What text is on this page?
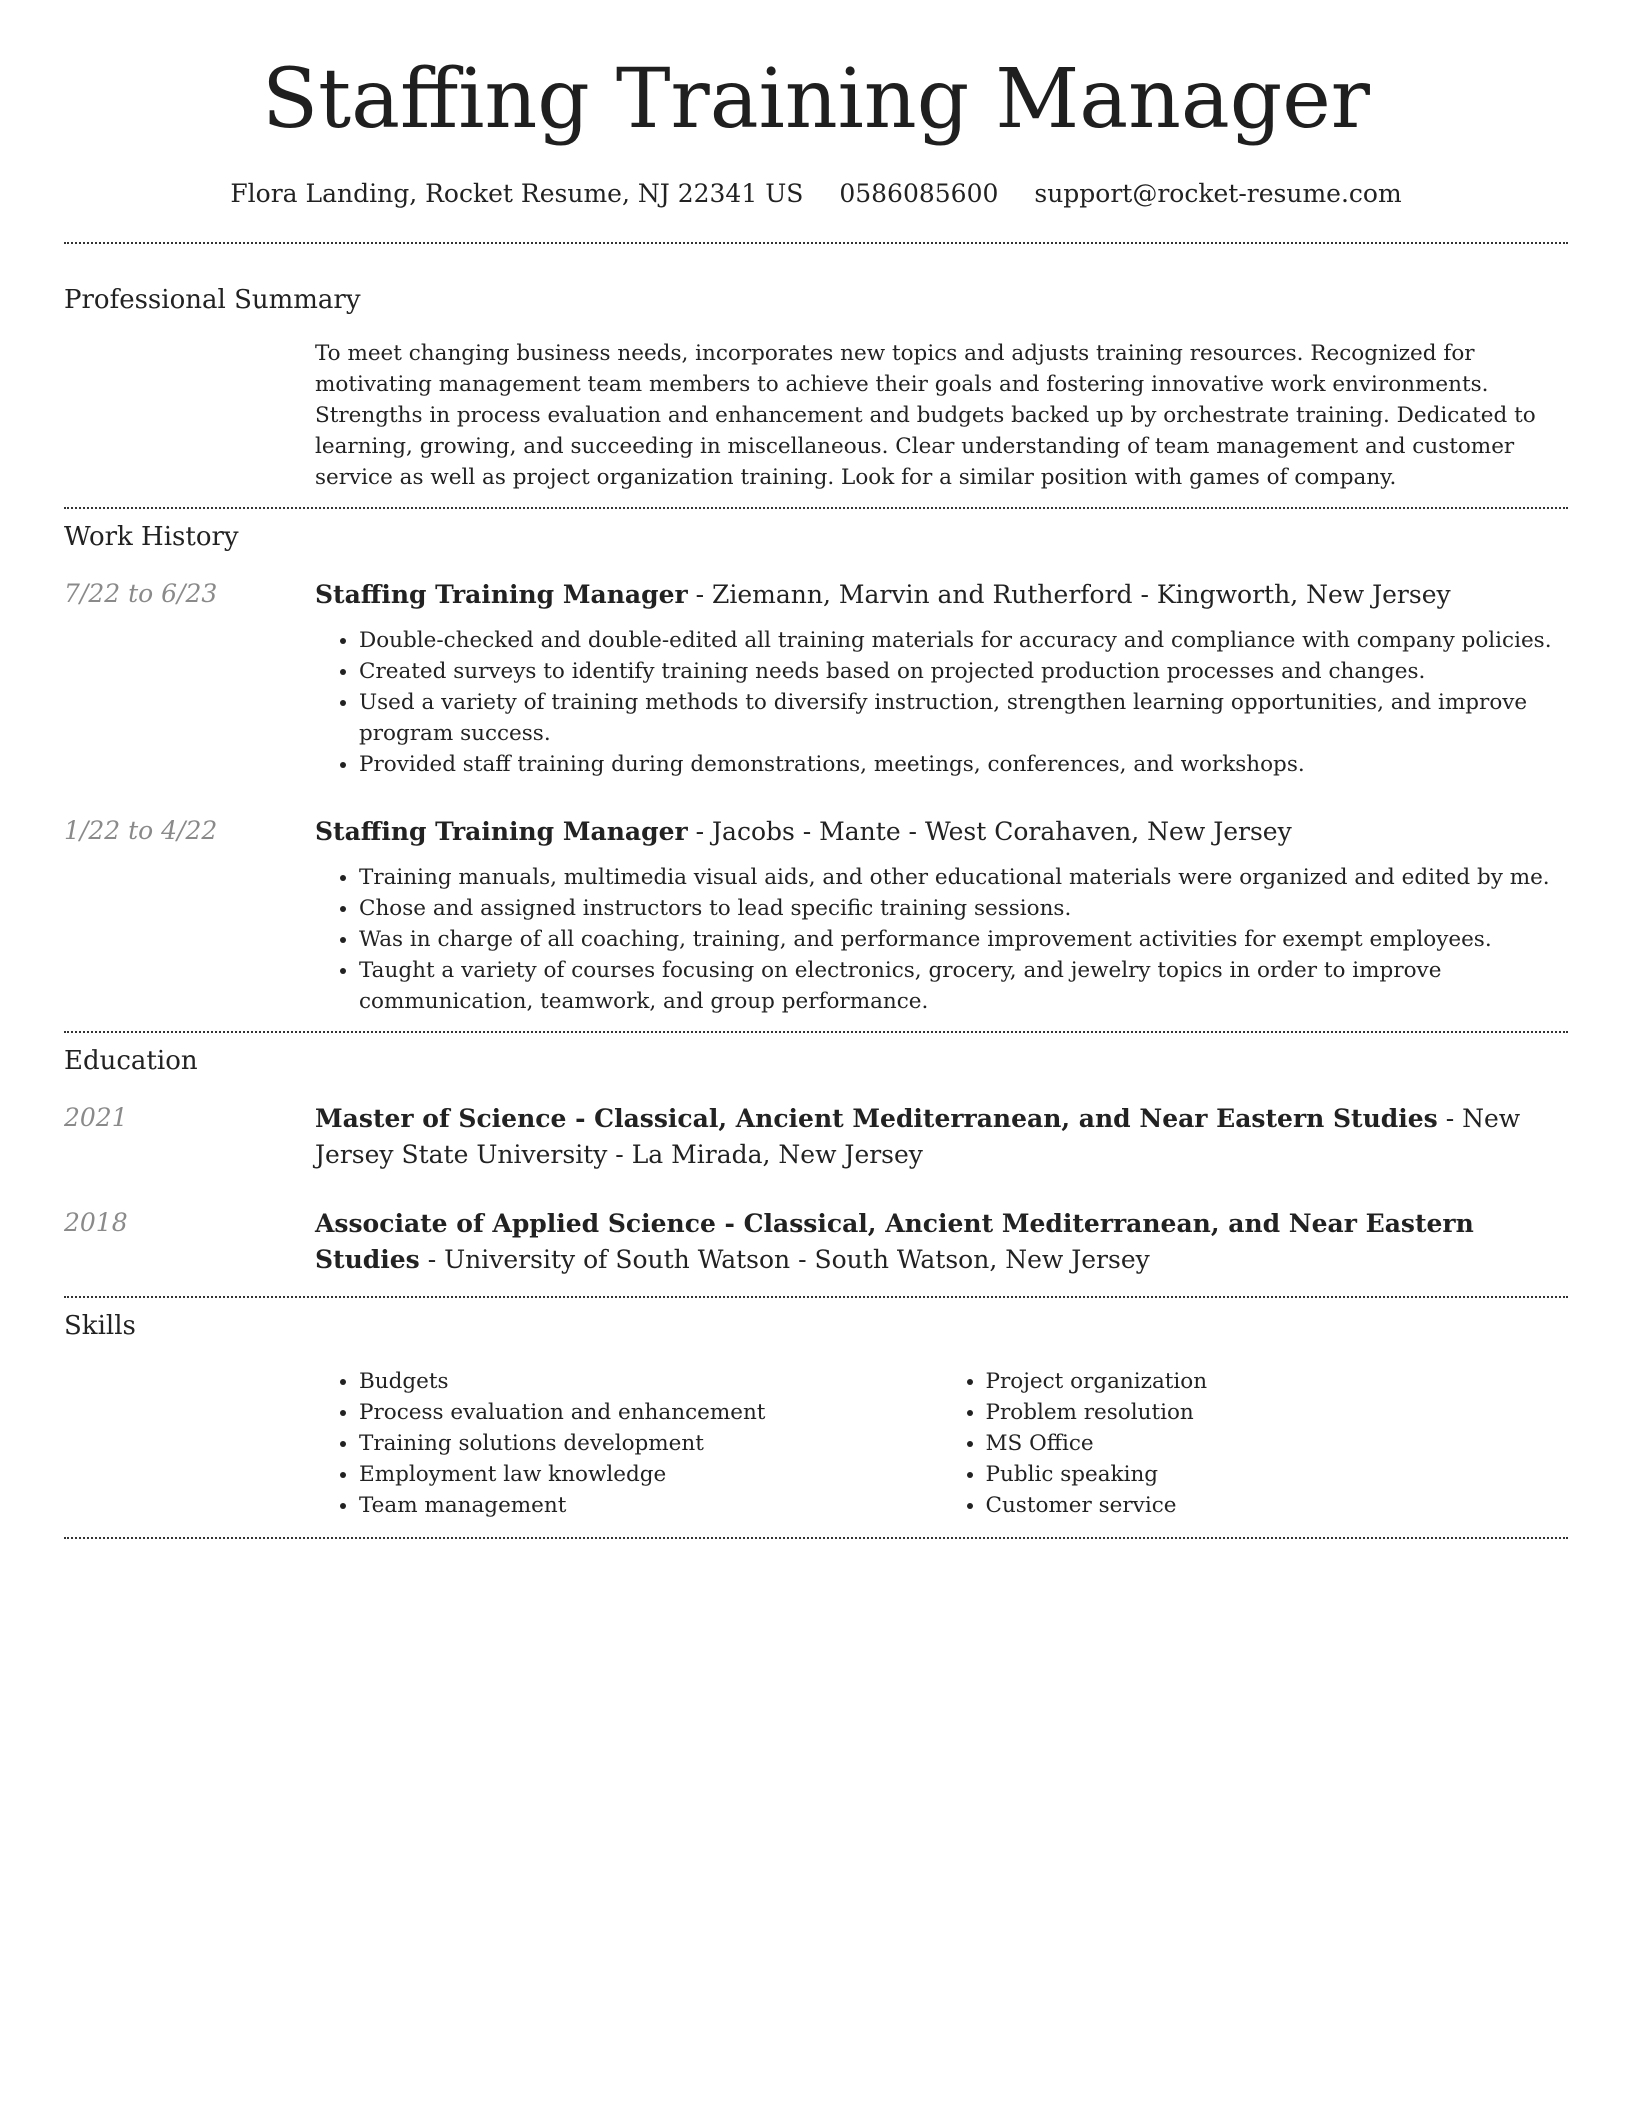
Staffing Training Manager
Flora Landing, Rocket Resume, NJ 22341 US 0586085600 support@rocket-resume.com
Professional Summary

To meet changing business needs, incorporates new topics and adjusts training resources. Recognized for motivating management team members to achieve their goals and fostering innovative work environments. Strengths in process evaluation and enhancement and budgets backed up by orchestrate training. Dedicated to learning, growing, and succeeding in miscellaneous. Clear understanding of team management and customer service as well as project organization training. Look for a similar position with games of company.

Work History
7/22 to 6/23	Staffing Training Manager - Ziemann, Marvin and Rutherford - Kingworth, New Jersey

• Double-checked and double-edited all training materials for accuracy and compliance with company policies.
• Created surveys to identify training needs based on projected production processes and changes.
• Used a variety of training methods to diversify instruction, strengthen learning opportunities, and improve program success.
• Provided staff training during demonstrations, meetings, conferences, and workshops.
1/22 to 4/22	Staffing Training Manager - Jacobs - Mante - West Corahaven, New Jersey

• Training manuals, multimedia visual aids, and other educational materials were organized and edited by me.
• Chose and assigned instructors to lead specific training sessions.
• Was in charge of all coaching, training, and performance improvement activities for exempt employees.
• Taught a variety of courses focusing on electronics, grocery, and jewelry topics in order to improve communication, teamwork, and group performance.
Education
2021	Master of Science - Classical, Ancient Mediterranean, and Near Eastern Studies - New Jersey State University - La Mirada, New Jersey

2018	Associate of Applied Science - Classical, Ancient Mediterranean, and Near Eastern Studies - University of South Watson - South Watson, New Jersey

Skills
• Budgets
• Process evaluation and enhancement
• Training solutions development
• Employment law knowledge
• Team management
• Project organization
• Problem resolution
• MS Office
• Public speaking
• Customer service
